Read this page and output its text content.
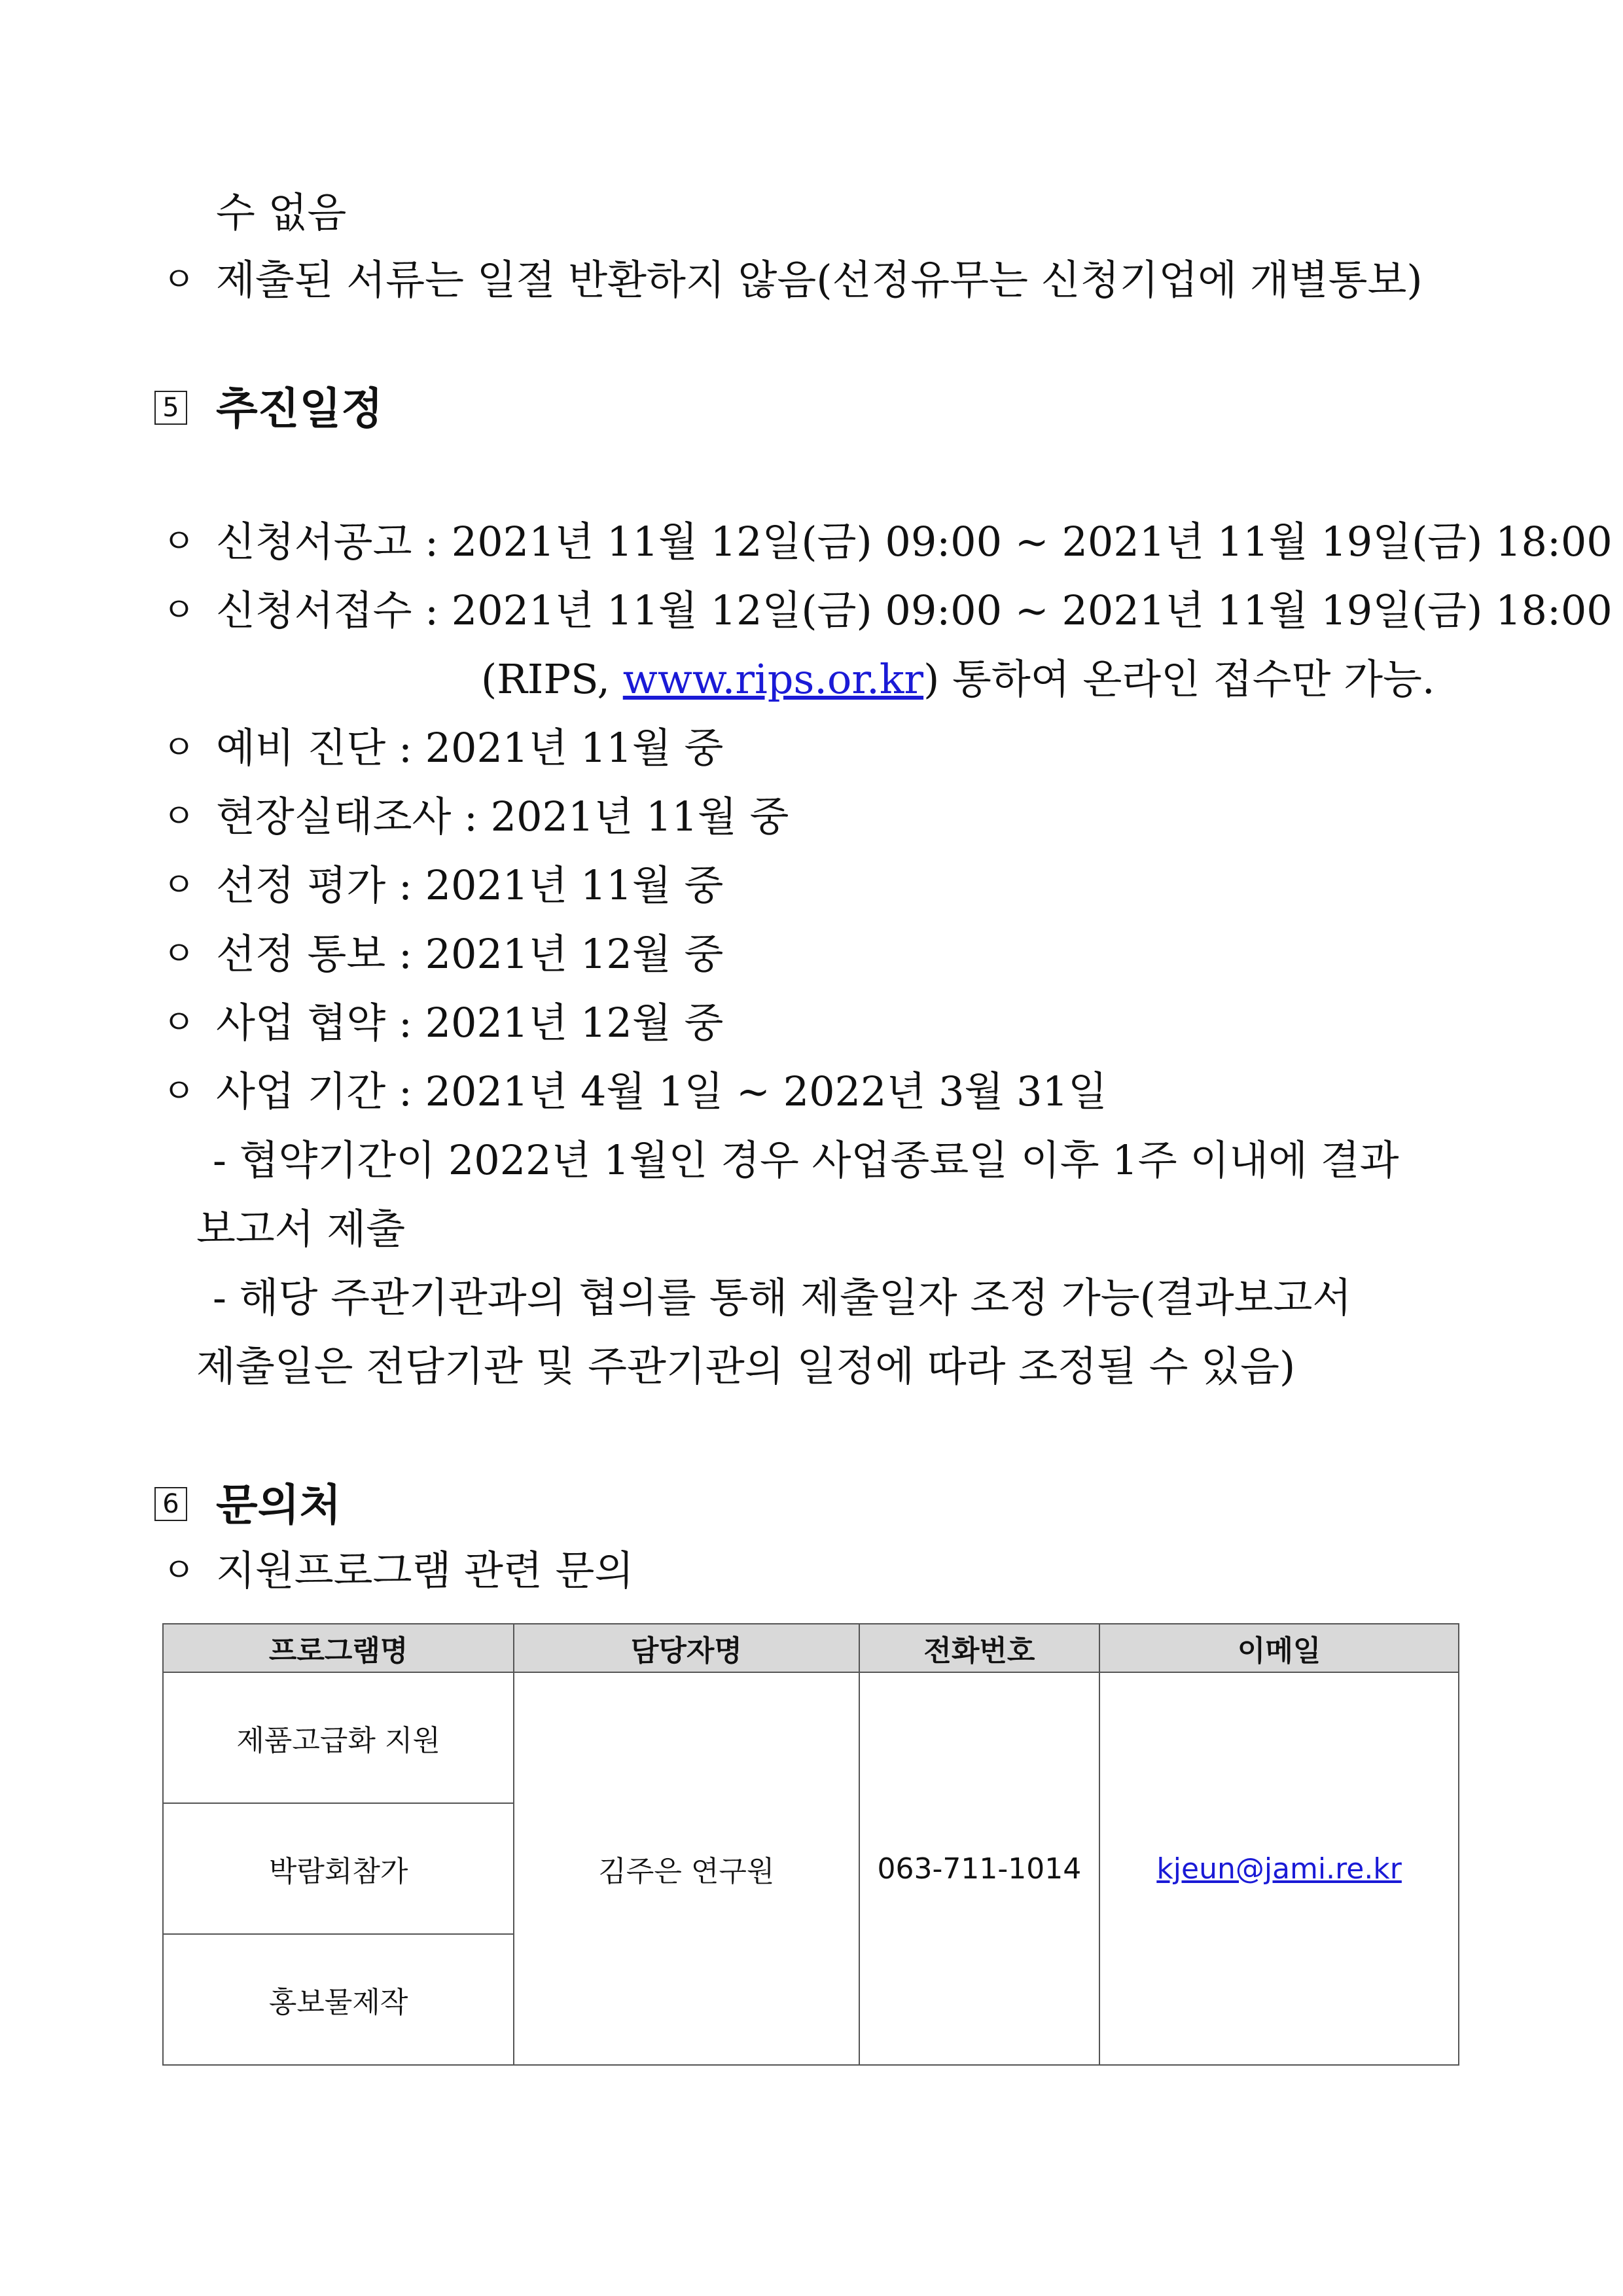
수 없음
ㅇ 제출된 서류는 일절 반환하지 않음(선정유무는 신청기업에 개별통보)
5 추진일정
ㅇ 신청서공고 : 2021년 11월 12일(금) 09:00 ~ 2021년 11월 19일(금) 18:00
ㅇ 신청서접수 : 2021년 11월 12일(금) 09:00 ~ 2021년 11월 19일(금) 18:00
(RIPS, www.rips.or.kr) 통하여 온라인 접수만 가능.
ㅇ 예비 진단 : 2021년 11월 중
ㅇ 현장실태조사 : 2021년 11월 중
ㅇ 선정 평가 : 2021년 11월 중
ㅇ 선정 통보 : 2021년 12월 중
ㅇ 사업 협약 : 2021년 12월 중
ㅇ 사업 기간 : 2021년 4월 1일 ~ 2022년 3월 31일
- 협약기간이 2022년 1월인 경우 사업종료일 이후 1주 이내에 결과
보고서 제출
- 해당 주관기관과의 협의를 통해 제출일자 조정 가능(결과보고서
제출일은 전담기관 및 주관기관의 일정에 따라 조정될 수 있음)
6 문의처
ㅇ 지원프로그램 관련 문의
프로그램명	담당자명	전화번호	이메일
제품고급화 지원	김주은 연구원	063-711-1014	kjeun@jami.re.kr
박람회참가			
홍보물제작			
